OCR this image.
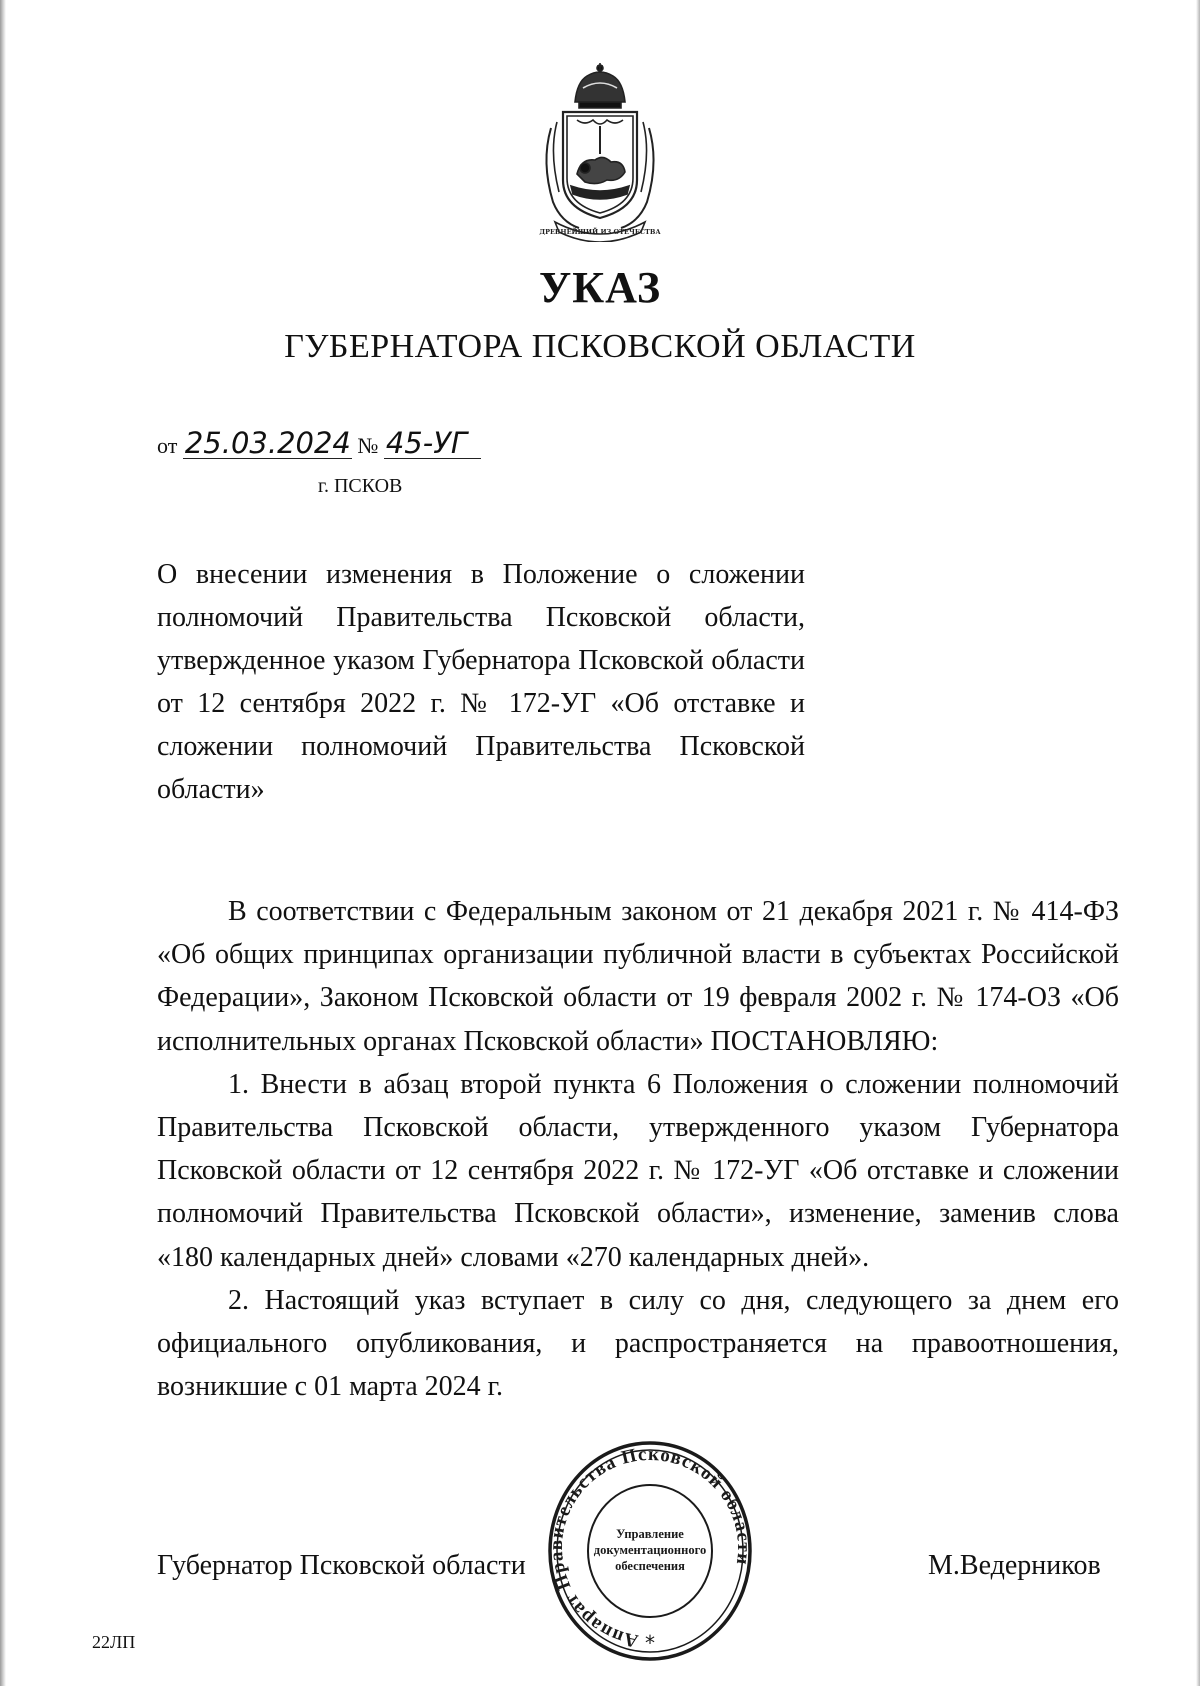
ДРЕВНЕЙШИЙ ИЗ ОТЕЧЕСТВА
УКАЗ
ГУБЕРНАТОРА ПСКОВСКОЙ ОБЛАСТИ
от 25.03.2024 № 45-УГ
г. ПСКОВ
О внесении изменения в Положение о сложении полномочий Правительства Псковской области, утвержденное указом Губернатора Псковской области от 12 сентября 2022 г. № 172-УГ «Об отставке и сложении полномочий Правительства Псковской области»

В соответствии с Федеральным законом от 21 декабря 2021 г. № 414-ФЗ «Об общих принципах организации публичной власти в субъектах Российской Федерации», Законом Псковской области от 19 февраля 2002 г. № 174-ОЗ «Об исполнительных органах Псковской области» ПОСТАНОВЛЯЮ:

1. Внести в абзац второй пункта 6 Положения о сложении полномочий Правительства Псковской области, утвержденного указом Губернатора Псковской области от 12 сентября 2022 г. № 172-УГ «Об отставке и сложении полномочий Правительства Псковской области», изменение, заменив слова «180 календарных дней» словами «270 календарных дней».

2. Настоящий указ вступает в силу со дня, следующего за днем его официального опубликования, и распространяется на правоотношения, возникшие с 01 марта 2024 г.

Губернатор Псковской области	М.Ведерников
Аппарат Правительства Псковской области
Управление
документационного
обеспечения
*
22ЛП
